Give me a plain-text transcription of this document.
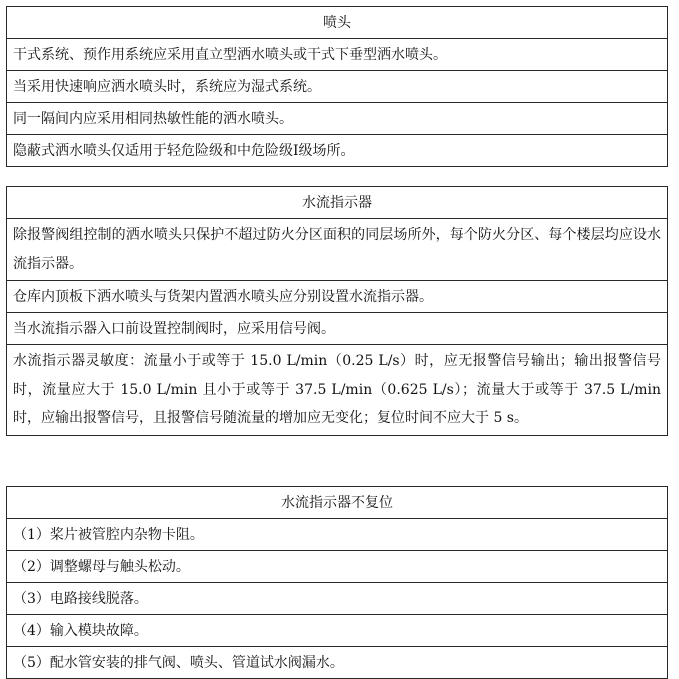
喷头
干式系统、预作用系统应采用直立型洒水喷头或干式下垂型洒水喷头。
当采用快速响应洒水喷头时，系统应为湿式系统。
同一隔间内应采用相同热敏性能的洒水喷头。
隐蔽式洒水喷头仅适用于轻危险级和中危险级Ⅰ级场所。
水流指示器
除报警阀组控制的洒水喷头只保护不超过防火分区面积的同层场所外，每个防火分区、每个楼层均应设水流指示器。
仓库内顶板下洒水喷头与货架内置洒水喷头应分别设置水流指示器。
当水流指示器入口前设置控制阀时，应采用信号阀。
水流指示器灵敏度：流量小于或等于 15.0 L/min（0.25 L/s）时，应无报警信号输出；输出报警信号时，流量应大于 15.0 L/min 且小于或等于 37.5 L/min（0.625 L/s）；流量大于或等于 37.5 L/min 时，应输出报警信号，且报警信号随流量的增加应无变化；复位时间不应大于 5 s。
水流指示器不复位
（1）桨片被管腔内杂物卡阻。
（2）调整螺母与触头松动。
（3）电路接线脱落。
（4）输入模块故障。
（5）配水管安装的排气阀、喷头、管道试水阀漏水。
